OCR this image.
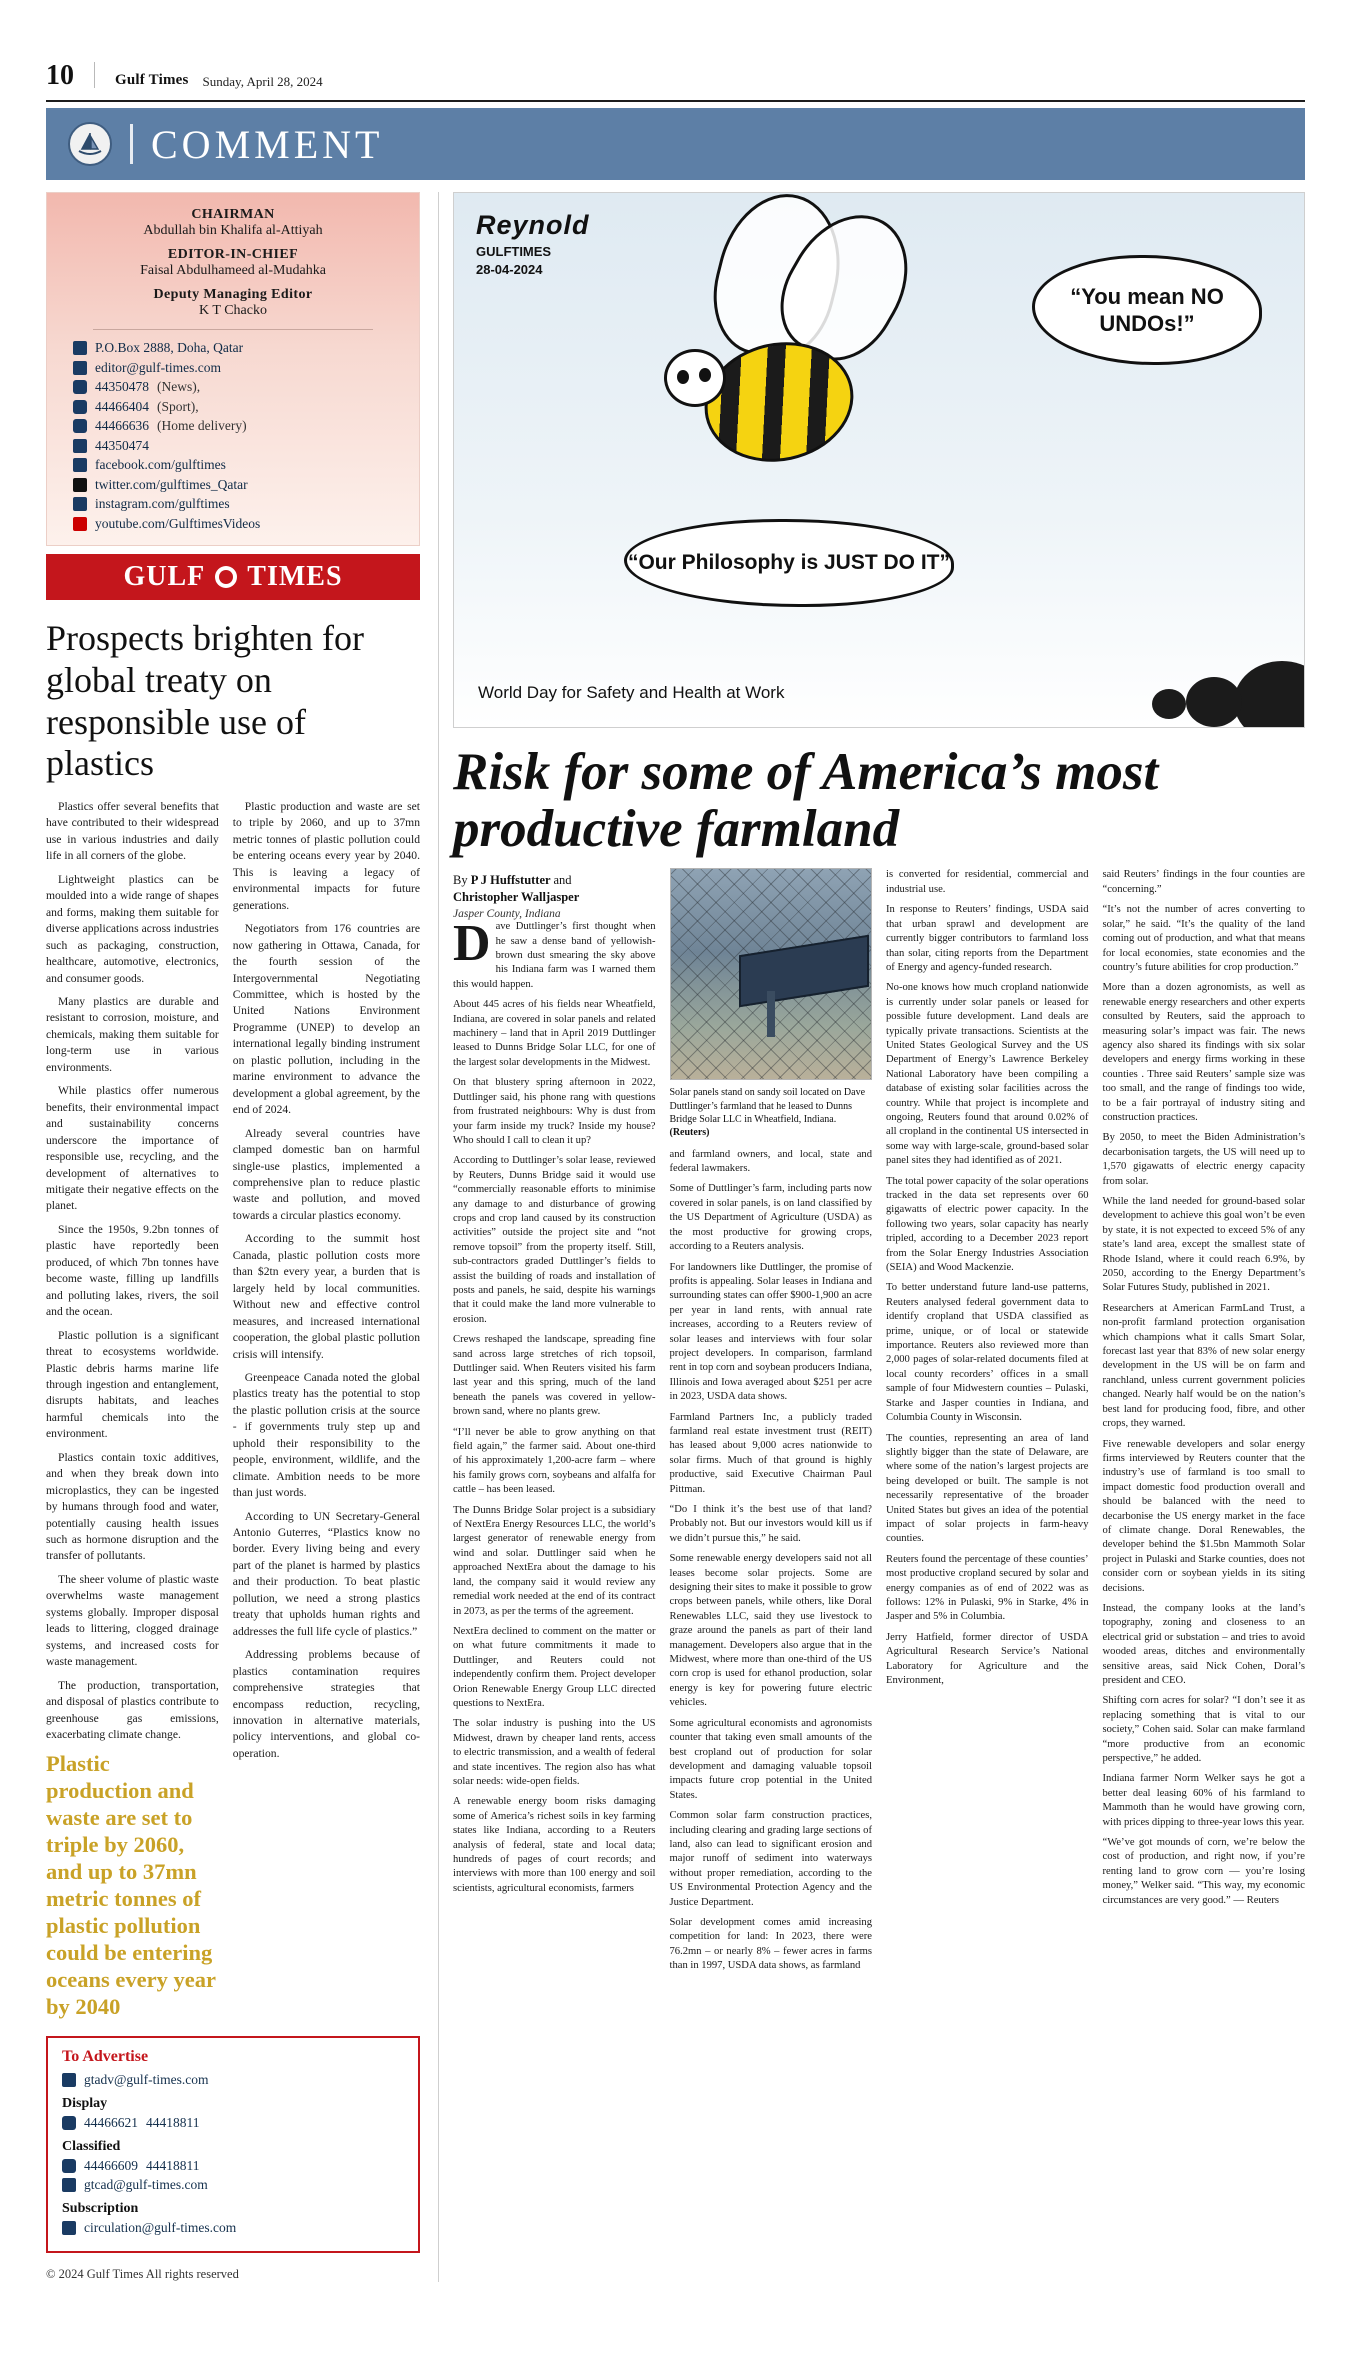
10	Gulf Times Sunday, April 28, 2024
COMMENT
CHAIRMAN
Abdullah bin Khalifa al-Attiyah
EDITOR-IN-CHIEF
Faisal Abdulhameed al-Mudahka
Deputy Managing Editor
K T Chacko
P.O.Box 2888, Doha, Qatar
editor@gulf-times.com
44350478 (News),
44466404 (Sport),
44466636 (Home delivery)
44350474
facebook.com/gulftimes
twitter.com/gulftimes_Qatar
instagram.com/gulftimes
youtube.com/GulftimesVideos
GULF TIMES
Prospects brighten for global treaty on responsible use of plastics

Plastics offer several benefits that have contributed to their widespread use in various industries and daily life in all corners of the globe.

Lightweight plastics can be moulded into a wide range of shapes and forms, making them suitable for diverse applications across industries such as packaging, construction, healthcare, automotive, electronics, and consumer goods.

Many plastics are durable and resistant to corrosion, moisture, and chemicals, making them suitable for long-term use in various environments.

While plastics offer numerous benefits, their environmental impact and sustainability concerns underscore the importance of responsible use, recycling, and the development of alternatives to mitigate their negative effects on the planet.

Since the 1950s, 9.2bn tonnes of plastic have reportedly been produced, of which 7bn tonnes have become waste, filling up landfills and polluting lakes, rivers, the soil and the ocean.

Plastic pollution is a significant threat to ecosystems worldwide. Plastic debris harms marine life through ingestion and entanglement, disrupts habitats, and leaches harmful chemicals into the environment.

Plastics contain toxic additives, and when they break down into microplastics, they can be ingested by humans through food and water, potentially causing health issues such as hormone disruption and the transfer of pollutants.

The sheer volume of plastic waste overwhelms waste management systems globally. Improper disposal leads to littering, clogged drainage systems, and increased costs for waste management.

The production, transportation, and disposal of plastics contribute to greenhouse gas emissions, exacerbating climate change.

Plastic production and waste are set to triple by 2060, and up to 37mn metric tonnes of plastic pollution could be entering oceans every year by 2040

Plastic production and waste are set to triple by 2060, and up to 37mn metric tonnes of plastic pollution could be entering oceans every year by 2040. This is leaving a legacy of environmental impacts for future generations.

Negotiators from 176 countries are now gathering in Ottawa, Canada, for the fourth session of the Intergovernmental Negotiating Committee, which is hosted by the United Nations Environment Programme (UNEP) to develop an international legally binding instrument on plastic pollution, including in the marine environment to advance the development a global agreement, by the end of 2024.

Already several countries have clamped domestic ban on harmful single-use plastics, implemented a comprehensive plan to reduce plastic waste and pollution, and moved towards a circular plastics economy.

According to the summit host Canada, plastic pollution costs more than $2tn every year, a burden that is largely held by local communities. Without new and effective control measures, and increased international cooperation, the global plastic pollution crisis will intensify.

Greenpeace Canada noted the global plastics treaty has the potential to stop the plastic pollution crisis at the source - if governments truly step up and uphold their responsibility to the people, environment, wildlife, and the climate. Ambition needs to be more than just words.

According to UN Secretary-General Antonio Guterres, “Plastics know no border. Every living being and every part of the planet is harmed by plastics and their production. To beat plastic pollution, we need a strong plastics treaty that upholds human rights and addresses the full life cycle of plastics.”

Addressing problems because of plastics contamination requires comprehensive strategies that encompass reduction, recycling, innovation in alternative materials, policy interventions, and global co-operation.

To Advertise
gtadv@gulf-times.com
Display
44466621 44418811
Classified
44466609 44418811
gtcad@gulf-times.com
Subscription
circulation@gulf-times.com
© 2024 Gulf Times All rights reserved
Reynold
GULFTIMES
28-04-2024
“You mean NO UNDOs!”
“Our Philosophy is JUST DO IT”
World Day for Safety and Health at Work
Risk for some of America’s most productive farmland
By P J Huffstutter and
Christopher Walljasper
Jasper County, Indiana

Dave Duttlinger’s first thought when he saw a dense band of yellowish-brown dust smearing the sky above his Indiana farm was I warned them this would happen.

About 445 acres of his fields near Wheatfield, Indiana, are covered in solar panels and related machinery – land that in April 2019 Duttlinger leased to Dunns Bridge Solar LLC, for one of the largest solar developments in the Midwest.

On that blustery spring afternoon in 2022, Duttlinger said, his phone rang with questions from frustrated neighbours: Why is dust from your farm inside my truck? Inside my house? Who should I call to clean it up?

According to Duttlinger’s solar lease, reviewed by Reuters, Dunns Bridge said it would use “commercially reasonable efforts to minimise any damage to and disturbance of growing crops and crop land caused by its construction activities” outside the project site and “not remove topsoil” from the property itself. Still, sub-contractors graded Duttlinger’s fields to assist the building of roads and installation of posts and panels, he said, despite his warnings that it could make the land more vulnerable to erosion.

Crews reshaped the landscape, spreading fine sand across large stretches of rich topsoil, Duttlinger said. When Reuters visited his farm last year and this spring, much of the land beneath the panels was covered in yellow-brown sand, where no plants grew.

“I’ll never be able to grow anything on that field again,” the farmer said. About one-third of his approximately 1,200-acre farm – where his family grows corn, soybeans and alfalfa for cattle – has been leased.

The Dunns Bridge Solar project is a subsidiary of NextEra Energy Resources LLC, the world’s largest generator of renewable energy from wind and solar. Duttlinger said when he approached NextEra about the damage to his land, the company said it would review any remedial work needed at the end of its contract in 2073, as per the terms of the agreement.

NextEra declined to comment on the matter or on what future commitments it made to Duttlinger, and Reuters could not independently confirm them. Project developer Orion Renewable Energy Group LLC directed questions to NextEra.

The solar industry is pushing into the US Midwest, drawn by cheaper land rents, access to electric transmission, and a wealth of federal and state incentives. The region also has what solar needs: wide-open fields.

A renewable energy boom risks damaging some of America’s richest soils in key farming states like Indiana, according to a Reuters analysis of federal, state and local data; hundreds of pages of court records; and interviews with more than 100 energy and soil scientists, agricultural economists, farmers

Solar panels stand on sandy soil located on Dave Duttlinger’s farmland that he leased to Dunns Bridge Solar LLC in Wheatfield, Indiana. (Reuters)

and farmland owners, and local, state and federal lawmakers.

Some of Duttlinger’s farm, including parts now covered in solar panels, is on land classified by the US Department of Agriculture (USDA) as the most productive for growing crops, according to a Reuters analysis.

For landowners like Duttlinger, the promise of profits is appealing. Solar leases in Indiana and surrounding states can offer $900-1,900 an acre per year in land rents, with annual rate increases, according to a Reuters review of solar leases and interviews with four solar project developers. In comparison, farmland rent in top corn and soybean producers Indiana, Illinois and Iowa averaged about $251 per acre in 2023, USDA data shows.

Farmland Partners Inc, a publicly traded farmland real estate investment trust (REIT) has leased about 9,000 acres nationwide to solar firms. Much of that ground is highly productive, said Executive Chairman Paul Pittman.

“Do I think it’s the best use of that land? Probably not. But our investors would kill us if we didn’t pursue this,” he said.

Some renewable energy developers said not all leases become solar projects. Some are designing their sites to make it possible to grow crops between panels, while others, like Doral Renewables LLC, said they use livestock to graze around the panels as part of their land management. Developers also argue that in the Midwest, where more than one-third of the US corn crop is used for ethanol production, solar energy is key for powering future electric vehicles.

Some agricultural economists and agronomists counter that taking even small amounts of the best cropland out of production for solar development and damaging valuable topsoil impacts future crop potential in the United States.

Common solar farm construction practices, including clearing and grading large sections of land, also can lead to significant erosion and major runoff of sediment into waterways without proper remediation, according to the US Environmental Protection Agency and the Justice Department.

Solar development comes amid increasing competition for land: In 2023, there were 76.2mn – or nearly 8% – fewer acres in farms than in 1997, USDA data shows, as farmland

is converted for residential, commercial and industrial use.

In response to Reuters’ findings, USDA said that urban sprawl and development are currently bigger contributors to farmland loss than solar, citing reports from the Department of Energy and agency-funded research.

No-one knows how much cropland nationwide is currently under solar panels or leased for possible future development. Land deals are typically private transactions. Scientists at the United States Geological Survey and the US Department of Energy’s Lawrence Berkeley National Laboratory have been compiling a database of existing solar facilities across the country. While that project is incomplete and ongoing, Reuters found that around 0.02% of all cropland in the continental US intersected in some way with large-scale, ground-based solar panel sites they had identified as of 2021.

The total power capacity of the solar operations tracked in the data set represents over 60 gigawatts of electric power capacity. In the following two years, solar capacity has nearly tripled, according to a December 2023 report from the Solar Energy Industries Association (SEIA) and Wood Mackenzie.

To better understand future land-use patterns, Reuters analysed federal government data to identify cropland that USDA classified as prime, unique, or of local or statewide importance. Reuters also reviewed more than 2,000 pages of solar-related documents filed at local county recorders’ offices in a small sample of four Midwestern counties – Pulaski, Starke and Jasper counties in Indiana, and Columbia County in Wisconsin.

The counties, representing an area of land slightly bigger than the state of Delaware, are where some of the nation’s largest projects are being developed or built. The sample is not necessarily representative of the broader United States but gives an idea of the potential impact of solar projects in farm-heavy counties.

Reuters found the percentage of these counties’ most productive cropland secured by solar and energy companies as of end of 2022 was as follows: 12% in Pulaski, 9% in Starke, 4% in Jasper and 5% in Columbia.

Jerry Hatfield, former director of USDA Agricultural Research Service’s National Laboratory for Agriculture and the Environment,

said Reuters’ findings in the four counties are “concerning.”

“It’s not the number of acres converting to solar,” he said. “It’s the quality of the land coming out of production, and what that means for local economies, state economies and the country’s future abilities for crop production.”

More than a dozen agronomists, as well as renewable energy researchers and other experts consulted by Reuters, said the approach to measuring solar’s impact was fair. The news agency also shared its findings with six solar developers and energy firms working in these counties . Three said Reuters’ sample size was too small, and the range of findings too wide, to be a fair portrayal of industry siting and construction practices.

By 2050, to meet the Biden Administration’s decarbonisation targets, the US will need up to 1,570 gigawatts of electric energy capacity from solar.

While the land needed for ground-based solar development to achieve this goal won’t be even by state, it is not expected to exceed 5% of any state’s land area, except the smallest state of Rhode Island, where it could reach 6.9%, by 2050, according to the Energy Department’s Solar Futures Study, published in 2021.

Researchers at American FarmLand Trust, a non-profit farmland protection organisation which champions what it calls Smart Solar, forecast last year that 83% of new solar energy development in the US will be on farm and ranchland, unless current government policies changed. Nearly half would be on the nation’s best land for producing food, fibre, and other crops, they warned.

Five renewable developers and solar energy firms interviewed by Reuters counter that the industry’s use of farmland is too small to impact domestic food production overall and should be balanced with the need to decarbonise the US energy market in the face of climate change. Doral Renewables, the developer behind the $1.5bn Mammoth Solar project in Pulaski and Starke counties, does not consider corn or soybean yields in its siting decisions.

Instead, the company looks at the land’s topography, zoning and closeness to an electrical grid or substation – and tries to avoid wooded areas, ditches and environmentally sensitive areas, said Nick Cohen, Doral’s president and CEO.

Shifting corn acres for solar? “I don’t see it as replacing something that is vital to our society,” Cohen said. Solar can make farmland “more productive from an economic perspective,” he added.

Indiana farmer Norm Welker says he got a better deal leasing 60% of his farmland to Mammoth than he would have growing corn, with prices dipping to three-year lows this year.

“We’ve got mounds of corn, we’re below the cost of production, and right now, if you’re renting land to grow corn — you’re losing money,” Welker said. “This way, my economic circumstances are very good.” — Reuters
